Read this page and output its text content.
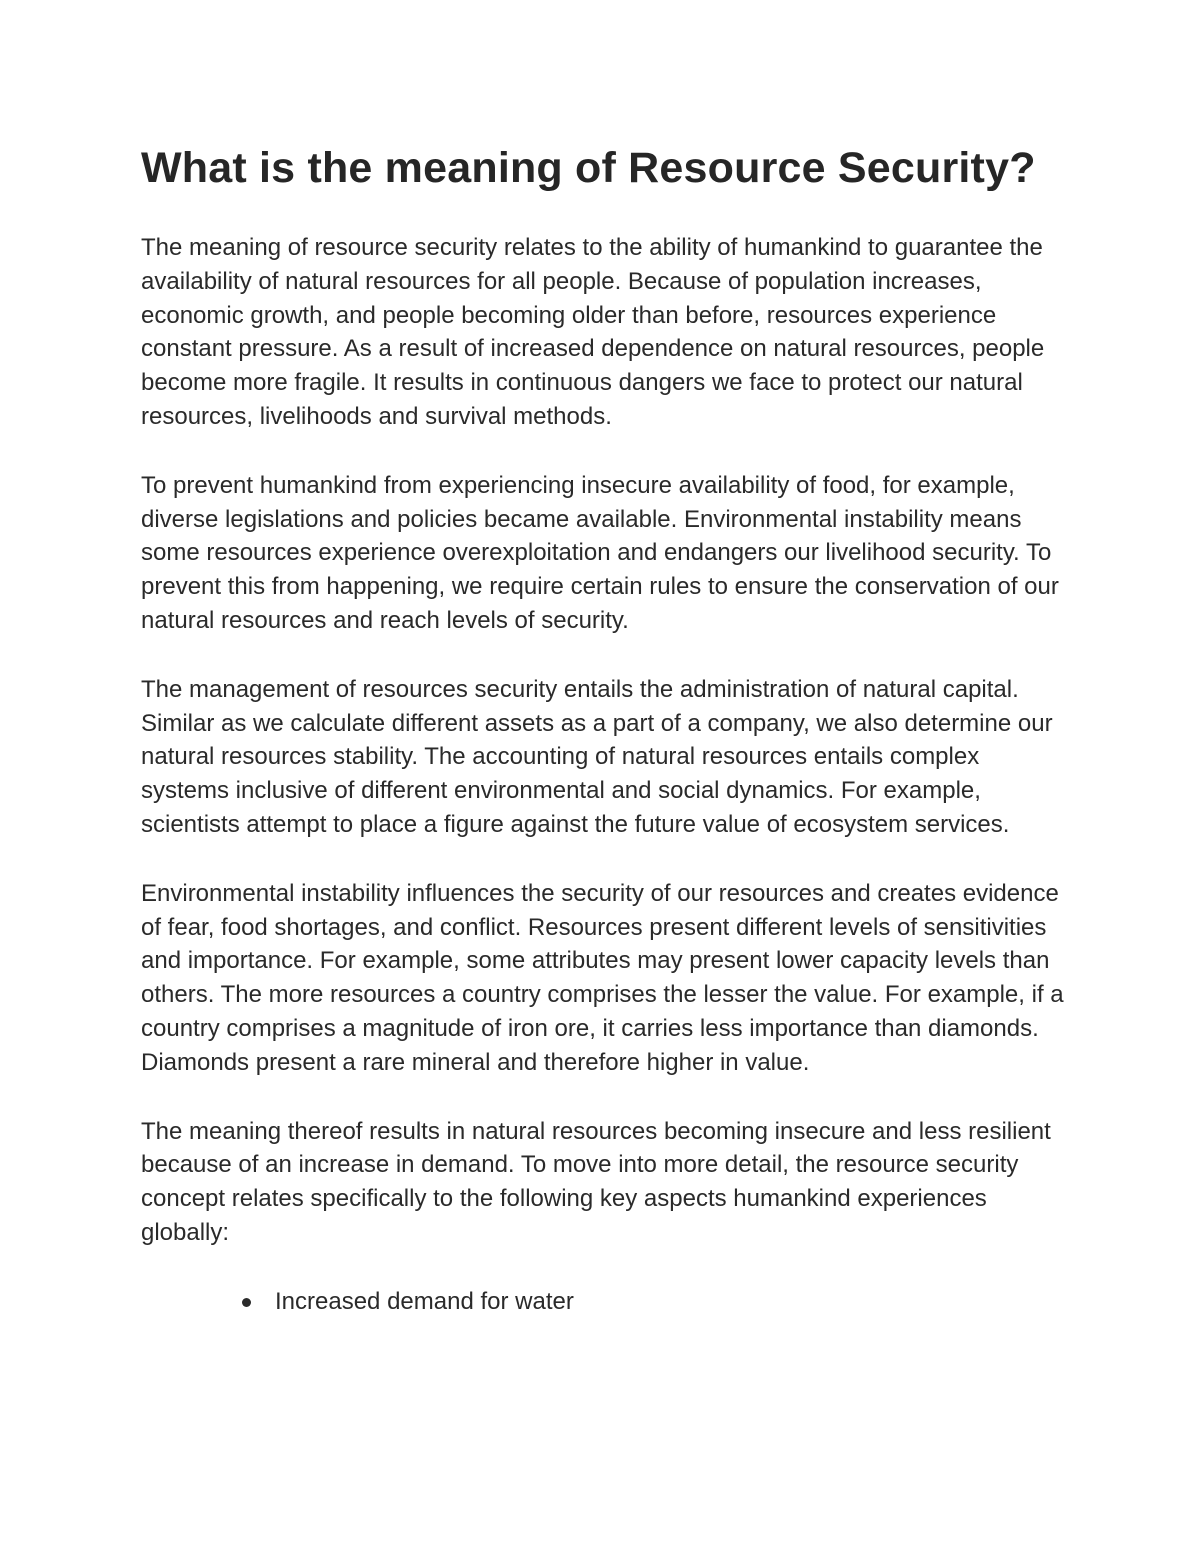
What is the meaning of Resource Security?

The meaning of resource security relates to the ability of humankind to guarantee the availability of natural resources for all people. Because of population increases, economic growth, and people becoming older than before, resources experience constant pressure. As a result of increased dependence on natural resources, people become more fragile. It results in continuous dangers we face to protect our natural resources, livelihoods and survival methods.

To prevent humankind from experiencing insecure availability of food, for example, diverse legislations and policies became available. Environmental instability means some resources experience overexploitation and endangers our livelihood security. To prevent this from happening, we require certain rules to ensure the conservation of our natural resources and reach levels of security.

The management of resources security entails the administration of natural capital. Similar as we calculate different assets as a part of a company, we also determine our natural resources stability. The accounting of natural resources entails complex systems inclusive of different environmental and social dynamics. For example, scientists attempt to place a figure against the future value of ecosystem services.

Environmental instability influences the security of our resources and creates evidence of fear, food shortages, and conflict. Resources present different levels of sensitivities and importance. For example, some attributes may present lower capacity levels than others. The more resources a country comprises the lesser the value. For example, if a country comprises a magnitude of iron ore, it carries less importance than diamonds. Diamonds present a rare mineral and therefore higher in value.

The meaning thereof results in natural resources becoming insecure and less resilient because of an increase in demand. To move into more detail, the resource security concept relates specifically to the following key aspects humankind experiences globally:

Increased demand for water
